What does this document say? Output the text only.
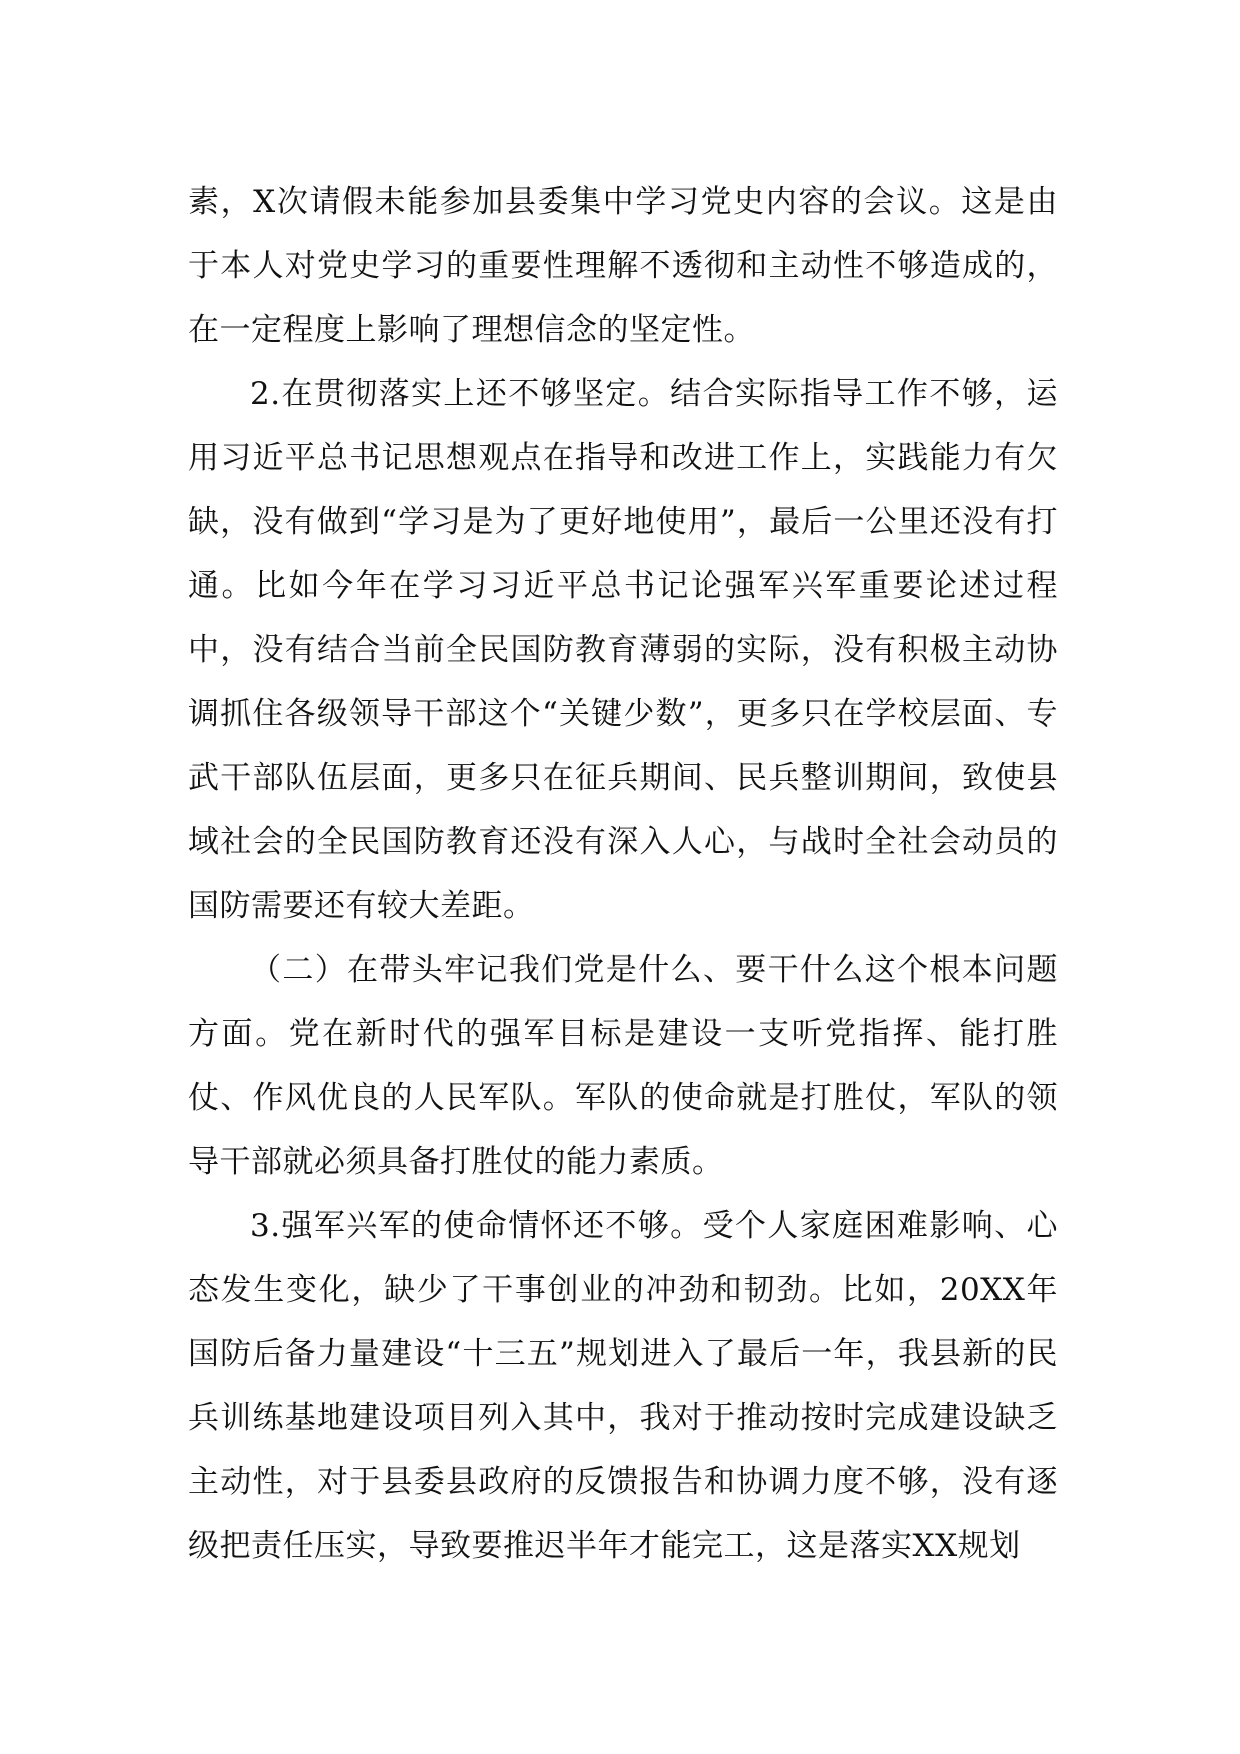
素，X次请假未能参加县委集中学习党史内容的会议。这是由于本人对党史学习的重要性理解不透彻和主动性不够造成的，在一定程度上影响了理想信念的坚定性。

2.在贯彻落实上还不够坚定。结合实际指导工作不够，运用习近平总书记思想观点在指导和改进工作上，实践能力有欠缺，没有做到“学习是为了更好地使用”，最后一公里还没有打通。比如今年在学习习近平总书记论强军兴军重要论述过程中，没有结合当前全民国防教育薄弱的实际，没有积极主动协调抓住各级领导干部这个“关键少数”，更多只在学校层面、专武干部队伍层面，更多只在征兵期间、民兵整训期间，致使县域社会的全民国防教育还没有深入人心，与战时全社会动员的国防需要还有较大差距。

（二）在带头牢记我们党是什么、要干什么这个根本问题方面。党在新时代的强军目标是建设一支听党指挥、能打胜仗、作风优良的人民军队。军队的使命就是打胜仗，军队的领导干部就必须具备打胜仗的能力素质。

3.强军兴军的使命情怀还不够。受个人家庭困难影响、心态发生变化，缺少了干事创业的冲劲和韧劲。比如，20XX年国防后备力量建设“十三五”规划进入了最后一年，我县新的民兵训练基地建设项目列入其中，我对于推动按时完成建设缺乏主动性，对于县委县政府的反馈报告和协调力度不够，没有逐级把责任压实，导致要推迟半年才能完工，这是落实XX规划
